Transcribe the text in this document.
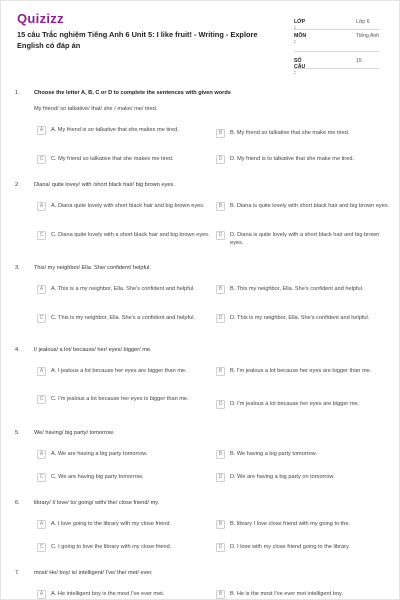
Quizizz
15 câu Trắc nghiệm Tiếng Anh 6 Unit 5: I like fruit! - Writing - Explore English có đáp án
LỚP :
Lớp 6
MÔN :
Tiếng Anh
SỐ CÂU :
15
1.	Choose the letter A, B, C or D to complete the sentences with given words
My friend/ so talkative/ that/ she / make/ me/ tired.
A	A. My friend is so talkative that she makes me tired.	B	B. My friend so talkative that she make me tired.
C	C. My friend so talkative that she makes me tired.	D	D. My friend is to talkative that she make me tired.
2.	Diana/ quite lovey/ with /short black hair/ big brown eyes.
A	A. Diana quite lovely with short black hair and big brown eyes.	B	B. Diana is quite lovely with short black hair and big brown eyes.
C	C. Diana quite lovely with a short black hair and big brown eyes.	D	D. Diana is quite lovely with a short black hair and big brown eyes.
3.	This/ my neighbor/ Ella. She/ confident/ helpful.
A	A. This is a my neighbor, Ella. She's confident and helpful.	B	B. This my neighbor, Ella. She's confident and helpful.
C	C. This is my neighbor, Ella. She's a confident and helpful.	D	D. This is my neighbor, Ella. She's confident and helpful.
4.	I/ jealous/ a lot/ because/ her/ eyes/ bigger/ me.
A	A. I jealous a lot because her eyes are bigger than me.	B	B. I'm jealous a lot because her eyes are bigger than me.
C	C. I'm jealous a lot because her eyes is bigger than me.
D	D. I'm jealous a lot because her eyes are bigger me.
5.	We/ having/ big party/ tomorrow.
A	A. We are having a big party tomorrow.	B	B. We having a big party tomorrow.
C	C. We are having big party tomorrow.	D	D. We are having a big party on tomorrow.
6.	library/ I/ love/ to/ going/ with/ the/ close friend/ my.
A	A. I love going to the library with my close friend.	B	B. library I love close friend with my going to the.
C	C. I going to love the library with my close friend.	D	D. I love with my close friend going to the library.
7.	most/ He/ boy/ is/ intelligent/ I've/ the/ met/ ever.
A	A. He intelligent boy is the most I've ever met.	B	B. He is the most I've ever met intelligent boy.
